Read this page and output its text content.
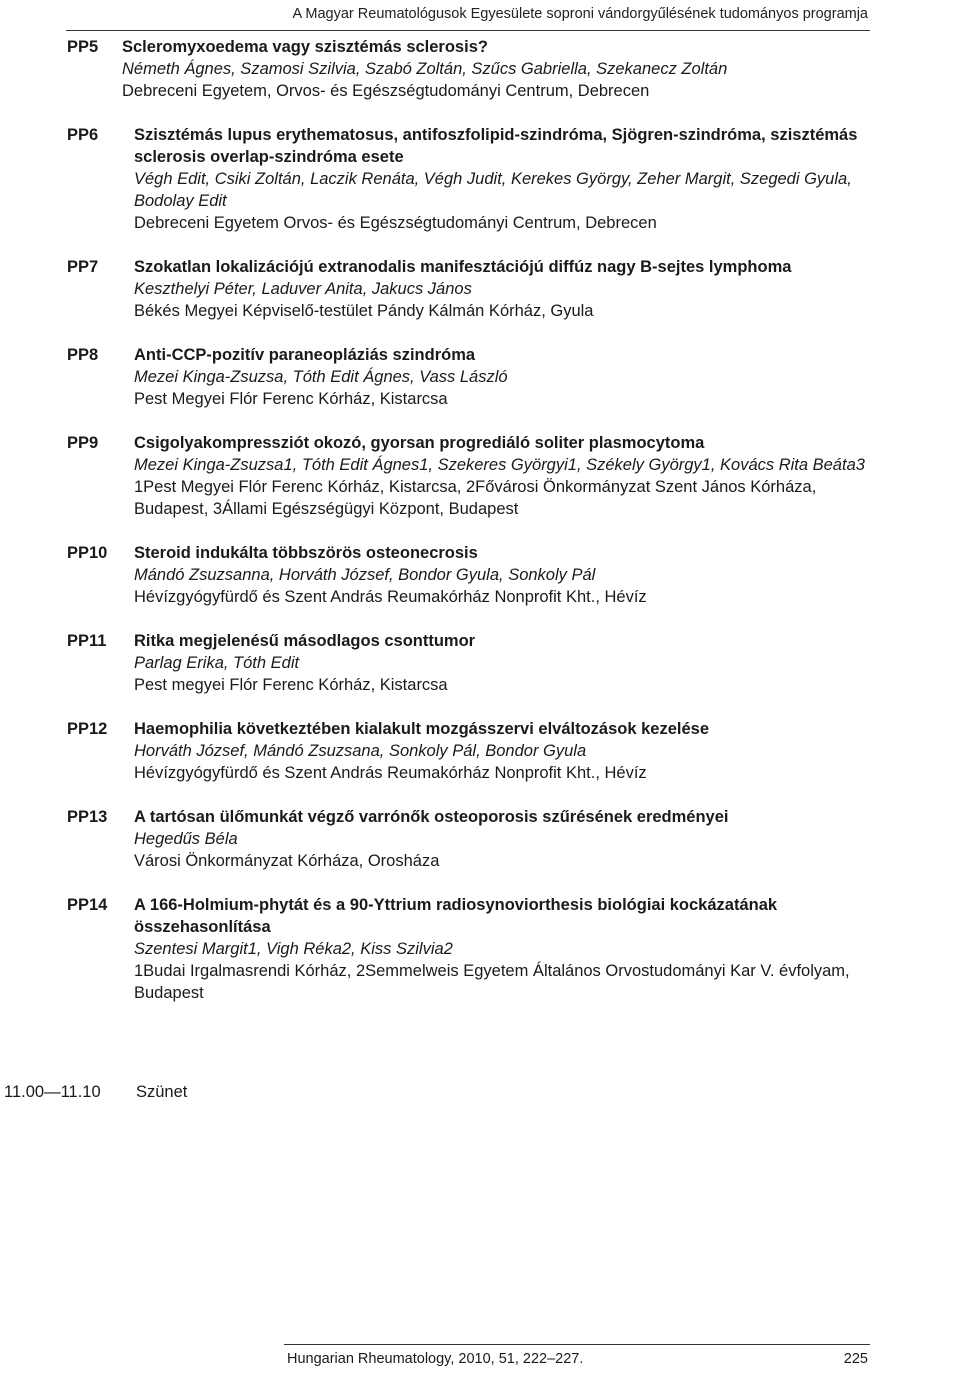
A Magyar Reumatológusok Egyesülete soproni vándorgyűlésének tudományos programja
PP5 Scleromyxoedema vagy szisztémás sclerosis?
Németh Ágnes, Szamosi Szilvia, Szabó Zoltán, Szűcs Gabriella, Szekanecz Zoltán
Debreceni Egyetem, Orvos- és Egészségtudományi Centrum, Debrecen
PP6 Szisztémás lupus erythematosus, antifoszfolipid-szindróma, Sjögren-szindróma, szisztémás sclerosis overlap-szindróma esete
Végh Edit, Csiki Zoltán, Laczik Renáta, Végh Judit, Kerekes György, Zeher Margit, Szegedi Gyula, Bodolay Edit
Debreceni Egyetem Orvos- és Egészségtudományi Centrum, Debrecen
PP7 Szokatlan lokalizációjú extranodalis manifesztációjú diffúz nagy B-sejtes lymphoma
Keszthelyi Péter, Laduver Anita, Jakucs János
Békés Megyei Képviselő-testület Pándy Kálmán Kórház, Gyula
PP8 Anti-CCP-pozitív paraneopláziás szindróma
Mezei Kinga-Zsuzsa, Tóth Edit Ágnes, Vass László
Pest Megyei Flór Ferenc Kórház, Kistarcsa
PP9 Csigolyakompressziót okozó, gyorsan progrediáló soliter plasmocytoma
Mezei Kinga-Zsuzsa1, Tóth Edit Ágnes1, Szekeres Györgyi1, Székely György1, Kovács Rita Beáta3
1Pest Megyei Flór Ferenc Kórház, Kistarcsa, 2Fővárosi Önkormányzat Szent János Kórháza, Budapest, 3Állami Egészségügyi Központ, Budapest
PP10 Steroid indukálta többszörös osteonecrosis
Mándó Zsuzsanna, Horváth József, Bondor Gyula, Sonkoly Pál
Hévízgyógyfürdő és Szent András Reumakórház Nonprofit Kht., Hévíz
PP11 Ritka megjelenésű másodlagos csonttumor
Parlag Erika, Tóth Edit
Pest megyei Flór Ferenc Kórház, Kistarcsa
PP12 Haemophilia következtében kialakult mozgásszervi elváltozások kezelése
Horváth József, Mándó Zsuzsana, Sonkoly Pál, Bondor Gyula
Hévízgyógyfürdő és Szent András Reumakórház Nonprofit Kht., Hévíz
PP13 A tartósan ülőmunkát végző varrónők osteoporosis szűrésének eredményei
Hegedűs Béla
Városi Önkormányzat Kórháza, Orosháza
PP14 A 166-Holmium-phytát és a 90-Yttrium radiosynoviorthesis biológiai kockázatának összehasonlítása
Szentesi Margit1, Vigh Réka2, Kiss Szilvia2
1Budai Irgalmasrendi Kórház, 2Semmelweis Egyetem Általános Orvostudományi Kar V. évfolyam, Budapest
11.00—11.10 Szünet
Hungarian Rheumatology, 2010, 51, 222–227.	225
